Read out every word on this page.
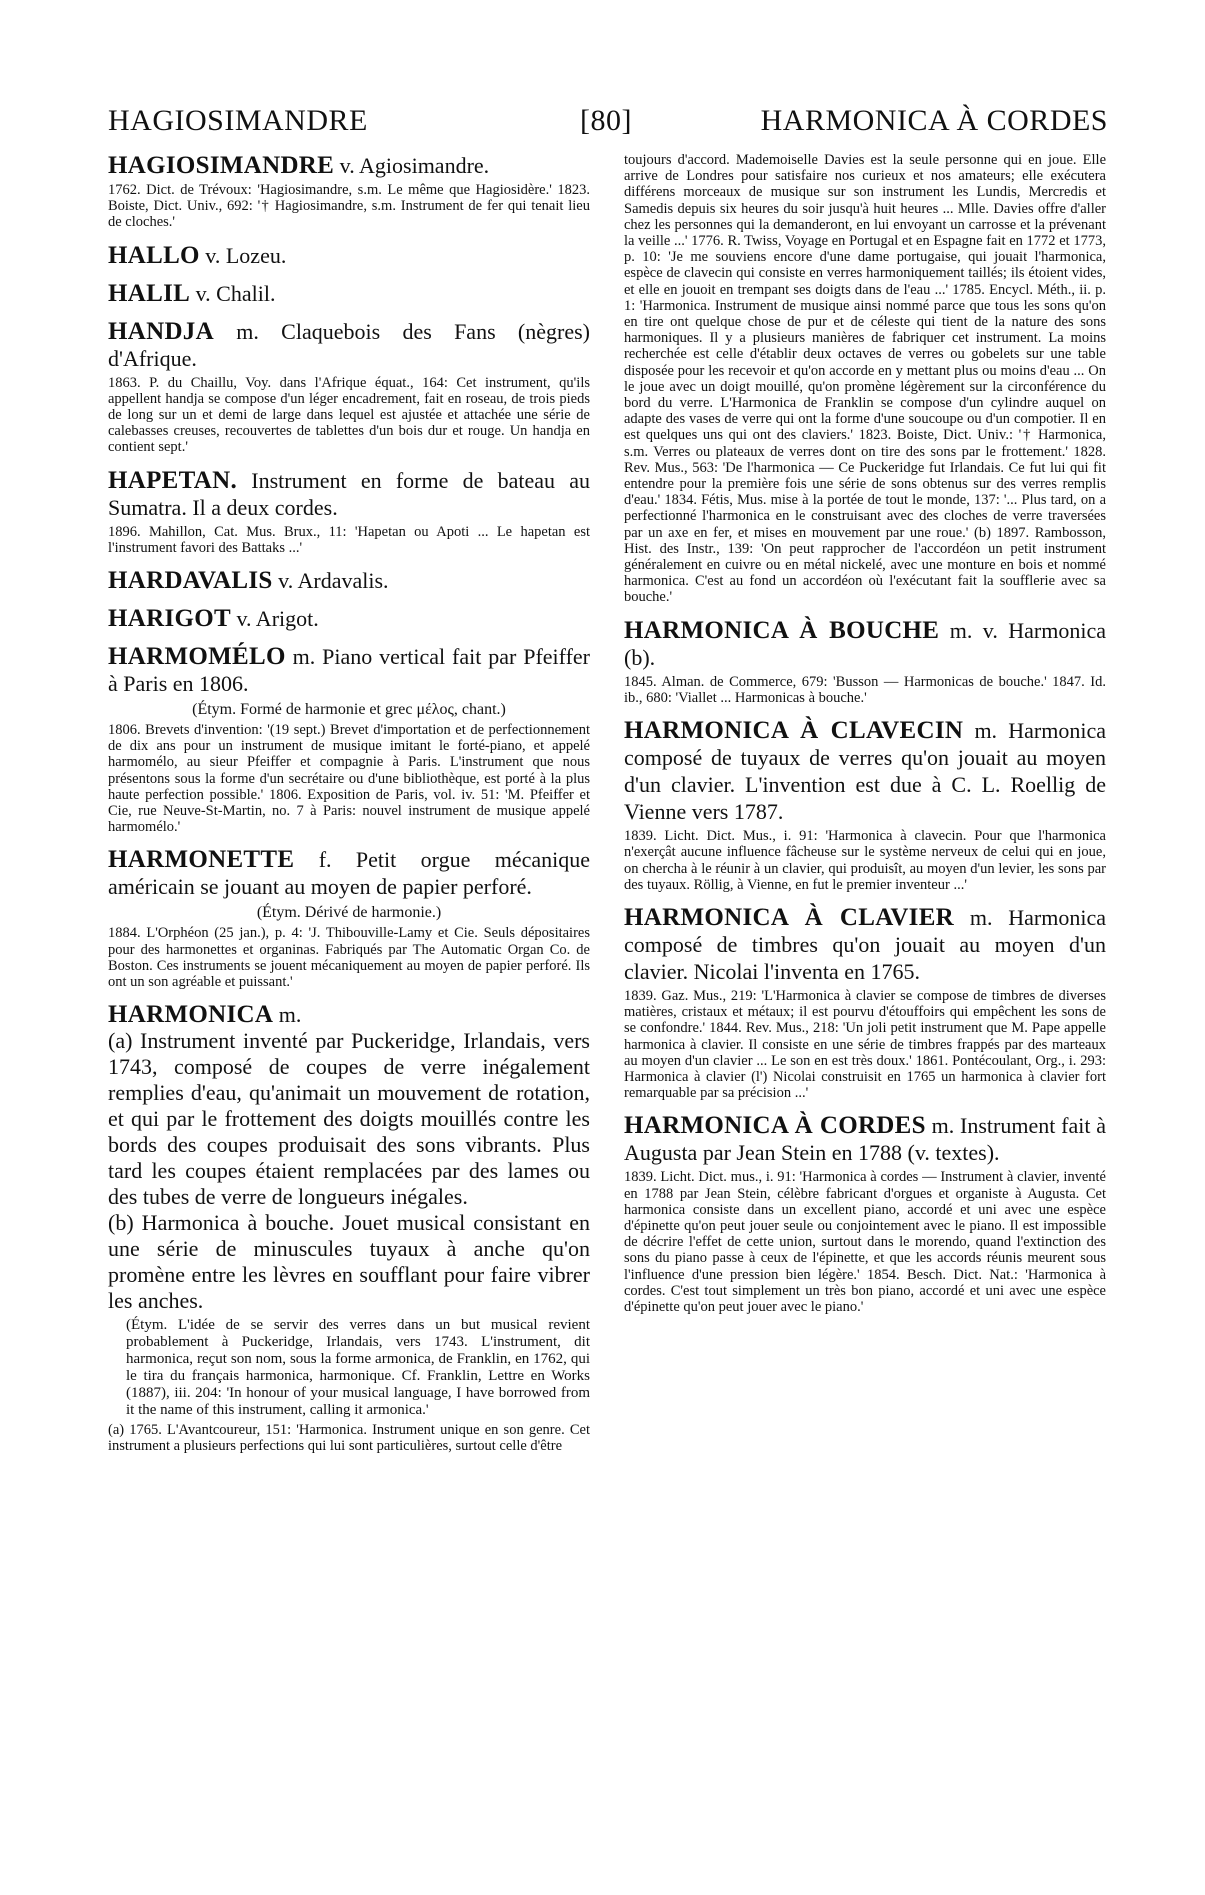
HAGIOSIMANDRE	[80]	HARMONICA À CORDES

HAGIOSIMANDRE v. Agiosimandre.

1762. Dict. de Trévoux: 'Hagiosimandre, s.m. Le même que Hagiosidère.' 1823. Boiste, Dict. Univ., 692: '† Hagiosimandre, s.m. Instrument de fer qui tenait lieu de cloches.'

HALLO v. Lozeu.

HALIL v. Chalil.

HANDJA m. Claquebois des Fans (nègres) d'Afrique.

1863. P. du Chaillu, Voy. dans l'Afrique équat., 164: Cet instrument, qu'ils appellent handja se compose d'un léger encadrement, fait en roseau, de trois pieds de long sur un et demi de large dans lequel est ajustée et attachée une série de calebasses creuses, recouvertes de tablettes d'un bois dur et rouge. Un handja en contient sept.'

HAPETAN. Instrument en forme de bateau au Sumatra. Il a deux cordes.

1896. Mahillon, Cat. Mus. Brux., 11: 'Hapetan ou Apoti ... Le hapetan est l'instrument favori des Battaks ...'

HARDAVALIS v. Ardavalis.

HARIGOT v. Arigot.

HARMOMÉLO m. Piano vertical fait par Pfeiffer à Paris en 1806.

(Étym. Formé de harmonie et grec μέλος, chant.)

1806. Brevets d'invention: '(19 sept.) Brevet d'importation et de perfectionnement de dix ans pour un instrument de musique imitant le forté-piano, et appelé harmomélo, au sieur Pfeiffer et compagnie à Paris. L'instrument que nous présentons sous la forme d'un secrétaire ou d'une bibliothèque, est porté à la plus haute perfection possible.' 1806. Exposition de Paris, vol. iv. 51: 'M. Pfeiffer et Cie, rue Neuve-St-Martin, no. 7 à Paris: nouvel instrument de musique appelé harmomélo.'

HARMONETTE f. Petit orgue mécanique américain se jouant au moyen de papier perforé.

(Étym. Dérivé de harmonie.)

1884. L'Orphéon (25 jan.), p. 4: 'J. Thibouville-Lamy et Cie. Seuls dépositaires pour des harmonettes et organinas. Fabriqués par The Automatic Organ Co. de Boston. Ces instruments se jouent mécaniquement au moyen de papier perforé. Ils ont un son agréable et puissant.'

HARMONICA m.

(a) Instrument inventé par Puckeridge, Irlandais, vers 1743, composé de coupes de verre inégalement remplies d'eau, qu'animait un mouvement de rotation, et qui par le frottement des doigts mouillés contre les bords des coupes produisait des sons vibrants. Plus tard les coupes étaient remplacées par des lames ou des tubes de verre de longueurs inégales.

(b) Harmonica à bouche. Jouet musical consistant en une série de minuscules tuyaux à anche qu'on promène entre les lèvres en soufflant pour faire vibrer les anches.

(Étym. L'idée de se servir des verres dans un but musical revient probablement à Puckeridge, Irlandais, vers 1743. L'instrument, dit harmonica, reçut son nom, sous la forme armonica, de Franklin, en 1762, qui le tira du français harmonica, harmonique. Cf. Franklin, Lettre en Works (1887), iii. 204: 'In honour of your musical language, I have borrowed from it the name of this instrument, calling it armonica.'

(a) 1765. L'Avantcoureur, 151: 'Harmonica. Instrument unique en son genre. Cet instrument a plusieurs perfections qui lui sont particulières, surtout celle d'être

toujours d'accord. Mademoiselle Davies est la seule personne qui en joue. Elle arrive de Londres pour satisfaire nos curieux et nos amateurs; elle exécutera différens morceaux de musique sur son instrument les Lundis, Mercredis et Samedis depuis six heures du soir jusqu'à huit heures ... Mlle. Davies offre d'aller chez les personnes qui la demanderont, en lui envoyant un carrosse et la prévenant la veille ...' 1776. R. Twiss, Voyage en Portugal et en Espagne fait en 1772 et 1773, p. 10: 'Je me souviens encore d'une dame portugaise, qui jouait l'harmonica, espèce de clavecin qui consiste en verres harmoniquement taillés; ils étoient vides, et elle en jouoit en trempant ses doigts dans de l'eau ...' 1785. Encycl. Méth., ii. p. 1: 'Harmonica. Instrument de musique ainsi nommé parce que tous les sons qu'on en tire ont quelque chose de pur et de céleste qui tient de la nature des sons harmoniques. Il y a plusieurs manières de fabriquer cet instrument. La moins recherchée est celle d'établir deux octaves de verres ou gobelets sur une table disposée pour les recevoir et qu'on accorde en y mettant plus ou moins d'eau ... On le joue avec un doigt mouillé, qu'on promène légèrement sur la circonférence du bord du verre. L'Harmonica de Franklin se compose d'un cylindre auquel on adapte des vases de verre qui ont la forme d'une soucoupe ou d'un compotier. Il en est quelques uns qui ont des claviers.' 1823. Boiste, Dict. Univ.: '† Harmonica, s.m. Verres ou plateaux de verres dont on tire des sons par le frottement.' 1828. Rev. Mus., 563: 'De l'harmonica — Ce Puckeridge fut Irlandais. Ce fut lui qui fit entendre pour la première fois une série de sons obtenus sur des verres remplis d'eau.' 1834. Fétis, Mus. mise à la portée de tout le monde, 137: '... Plus tard, on a perfectionné l'harmonica en le construisant avec des cloches de verre traversées par un axe en fer, et mises en mouvement par une roue.' (b) 1897. Rambosson, Hist. des Instr., 139: 'On peut rapprocher de l'accordéon un petit instrument généralement en cuivre ou en métal nickelé, avec une monture en bois et nommé harmonica. C'est au fond un accordéon où l'exécutant fait la soufflerie avec sa bouche.'

HARMONICA À BOUCHE m. v. Harmonica (b).

1845. Alman. de Commerce, 679: 'Busson — Harmonicas de bouche.' 1847. Id. ib., 680: 'Viallet ... Harmonicas à bouche.'

HARMONICA À CLAVECIN m. Harmonica composé de tuyaux de verres qu'on jouait au moyen d'un clavier. L'invention est due à C. L. Roellig de Vienne vers 1787.

1839. Licht. Dict. Mus., i. 91: 'Harmonica à clavecin. Pour que l'harmonica n'exerçât aucune influence fâcheuse sur le système nerveux de celui qui en joue, on chercha à le réunir à un clavier, qui produisît, au moyen d'un levier, les sons par des tuyaux. Röllig, à Vienne, en fut le premier inventeur ...'

HARMONICA À CLAVIER m. Harmonica composé de timbres qu'on jouait au moyen d'un clavier. Nicolai l'inventa en 1765.

1839. Gaz. Mus., 219: 'L'Harmonica à clavier se compose de timbres de diverses matières, cristaux et métaux; il est pourvu d'étouffoirs qui empêchent les sons de se confondre.' 1844. Rev. Mus., 218: 'Un joli petit instrument que M. Pape appelle harmonica à clavier. Il consiste en une série de timbres frappés par des marteaux au moyen d'un clavier ... Le son en est très doux.' 1861. Pontécoulant, Org., i. 293: Harmonica à clavier (l') Nicolai construisit en 1765 un harmonica à clavier fort remarquable par sa précision ...'

HARMONICA À CORDES m. Instrument fait à Augusta par Jean Stein en 1788 (v. textes).

1839. Licht. Dict. mus., i. 91: 'Harmonica à cordes — Instrument à clavier, inventé en 1788 par Jean Stein, célèbre fabricant d'orgues et organiste à Augusta. Cet harmonica consiste dans un excellent piano, accordé et uni avec une espèce d'épinette qu'on peut jouer seule ou conjointement avec le piano. Il est impossible de décrire l'effet de cette union, surtout dans le morendo, quand l'extinction des sons du piano passe à ceux de l'épinette, et que les accords réunis meurent sous l'influence d'une pression bien légère.' 1854. Besch. Dict. Nat.: 'Harmonica à cordes. C'est tout simplement un très bon piano, accordé et uni avec une espèce d'épinette qu'on peut jouer avec le piano.'
